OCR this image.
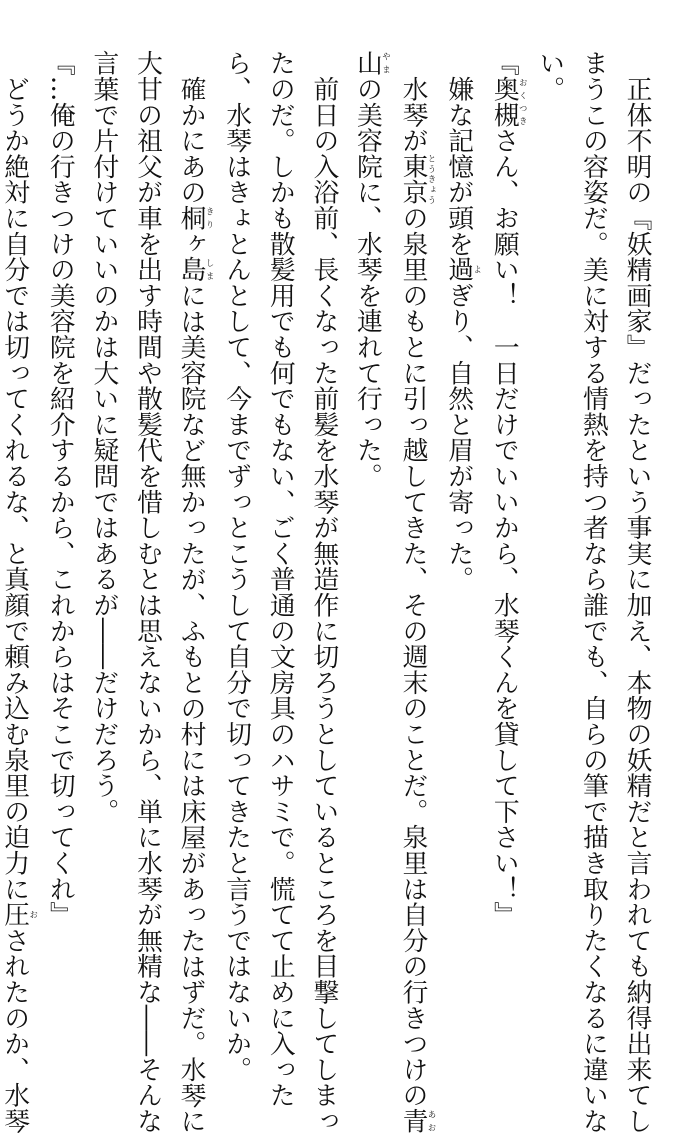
　正体不明の『妖精画家』だったという事実に加え、本物の妖精だと言われても納得出来てし
まうこの容姿だ。美に対する情熱を持つ者なら誰でも、自らの筆で描き取りたくなるに違いな
い。
『奥槻おくつきさん、お願い！　一日だけでいいから、水琴くんを貸して下さい！』
　嫌な記憶が頭を過よぎり、自然と眉が寄った。
　水琴が東京とうきょうの泉里のもとに引っ越してきた、その週末のことだ。泉里は自分の行きつけの青あお
山やまの美容院に、水琴を連れて行った。
　前日の入浴前、長くなった前髪を水琴が無造作に切ろうとしているところを目撃してしまっ
たのだ。しかも散髪用でも何でもない、ごく普通の文房具のハサミで。慌てて止めに入った
ら、水琴はきょとんとして、今までずっとこうして自分で切ってきたと言うではないか。
　確かにあの桐きりヶ島しまには美容院など無かったが、ふもとの村には床屋があったはずだ。水琴に
大甘の祖父が車を出す時間や散髪代を惜しむとは思えないから、単に水琴が無精な――そんな
言葉で片付けていいのかは大いに疑問ではあるが――だけだろう。
『…俺の行きつけの美容院を紹介するから、これからはそこで切ってくれ』
　どうか絶対に自分では切ってくれるな、と真顔で頼み込む泉里の迫力に圧おされたのか、水琴
